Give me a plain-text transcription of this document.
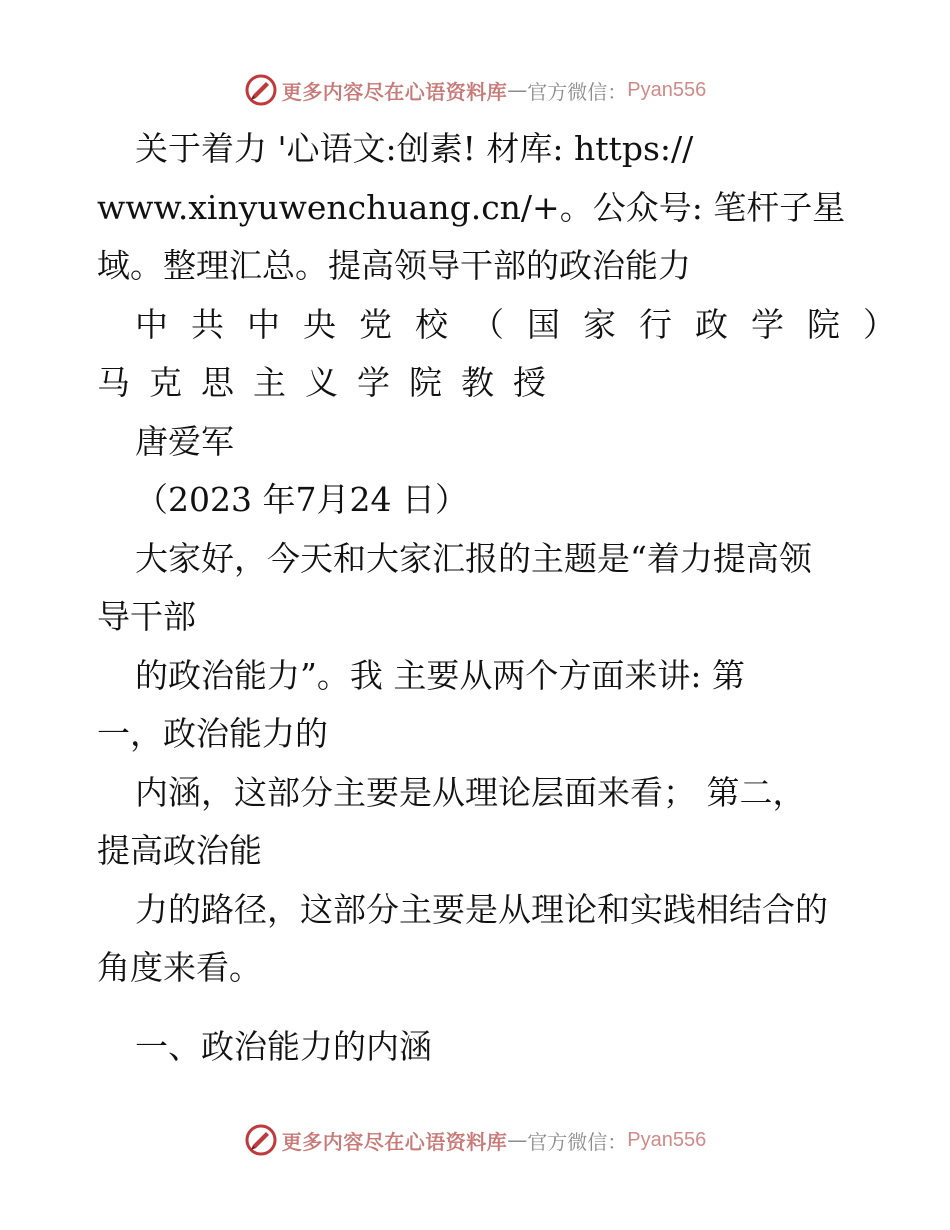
更多内容尽在心语资料库 — 官方微信： Pyan556
关于着力 '心语文:创素! 材库: https://
www.xinyuwenchuang.cn/+。公众号: 笔杆子星
域。整理汇总。提高领导干部的政治能力
中共中央党校（国家行政学院）
马克思主义学院教授
唐爱军
（2023 年7月24 日）
大家好，今天和大家汇报的主题是“着力提高领
导干部
的政治能力”。我 主要从两个方面来讲: 第
一，政治能力的
内涵，这部分主要是从理论层面来看； 第二，
提高政治能
力的路径，这部分主要是从理论和实践相结合的
角度来看。
一、政治能力的内涵
更多内容尽在心语资料库 — 官方微信： Pyan556
